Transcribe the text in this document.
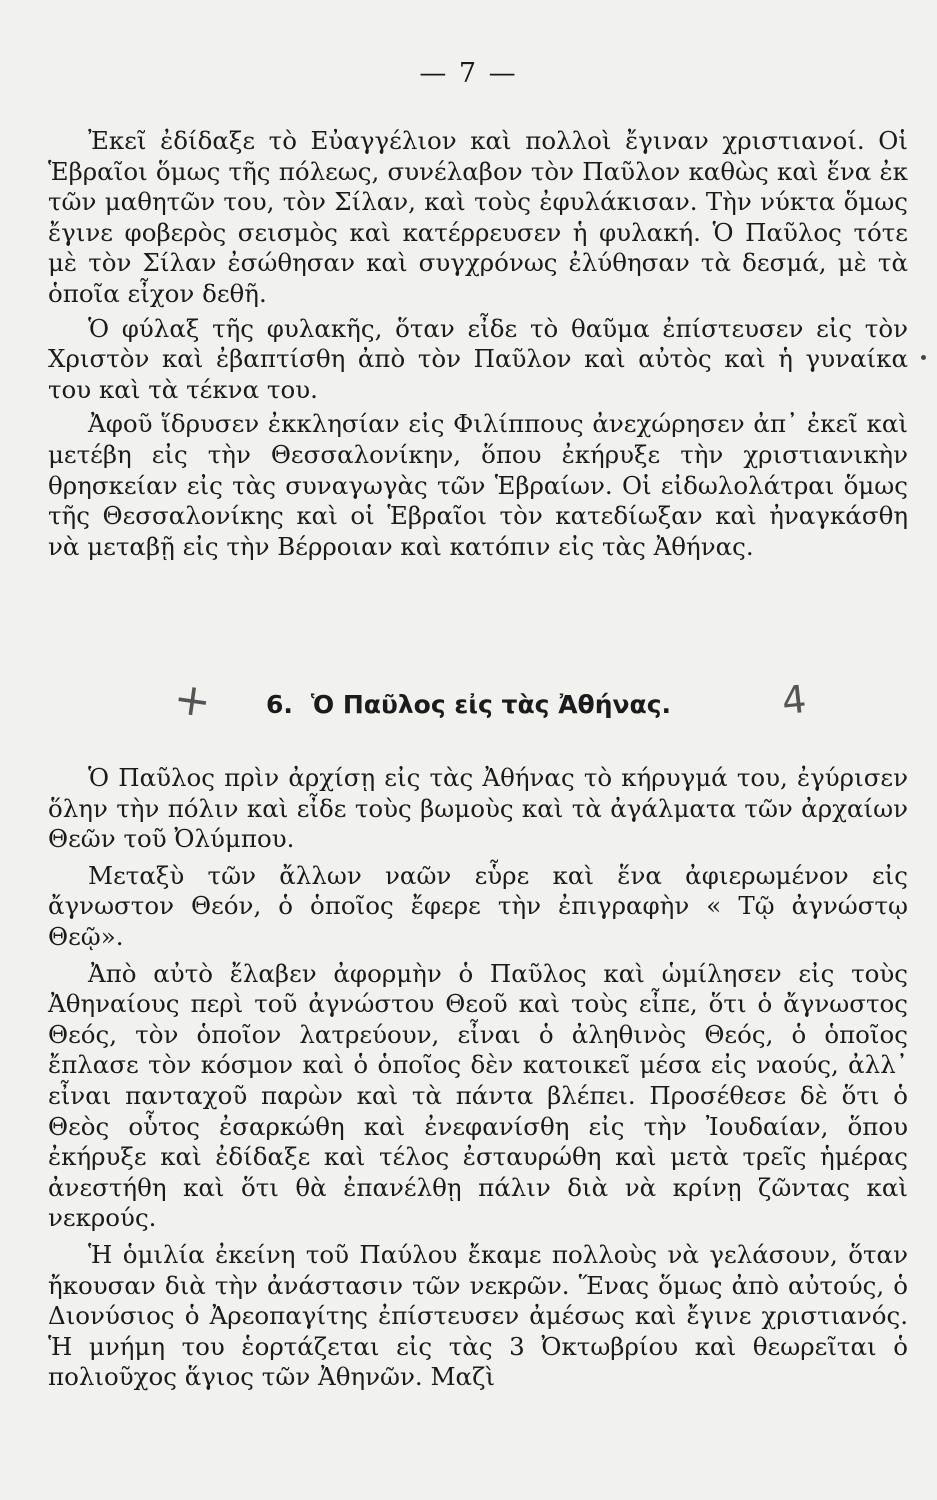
— 7 —

Ἐκεῖ ἐδίδαξε τὸ Εὐαγγέλιον καὶ πολλοὶ ἔγιναν χριστιανοί. Οἱ Ἑβραῖοι ὅμως τῆς πόλεως, συνέλαβον τὸν Παῦλον καθὼς καὶ ἕνα ἐκ τῶν μαθητῶν του, τὸν Σίλαν, καὶ τοὺς ἐφυλάκισαν. Τὴν νύκτα ὅμως ἔγινε φοβερὸς σεισμὸς καὶ κατέρρευσεν ἡ φυλακή. Ὁ Παῦλος τότε μὲ τὸν Σίλαν ἐσώθησαν καὶ συγχρόνως ἐλύθησαν τὰ δεσμά, μὲ τὰ ὁποῖα εἶχον δεθῆ.

Ὁ φύλαξ τῆς φυλακῆς, ὅταν εἶδε τὸ θαῦμα ἐπίστευσεν εἰς τὸν Χριστὸν καὶ ἐβαπτίσθη ἀπὸ τὸν Παῦλον καὶ αὐτὸς καὶ ἡ γυναίκα του καὶ τὰ τέκνα του.

Ἀφοῦ ἵδρυσεν ἐκκλησίαν εἰς Φιλίππους ἀνεχώρησεν ἀπ᾽ ἐκεῖ καὶ μετέβη εἰς τὴν Θεσσαλονίκην, ὅπου ἐκήρυξε τὴν χριστιανικὴν θρησκείαν εἰς τὰς συναγωγὰς τῶν Ἑβραίων. Οἱ εἰδωλολάτραι ὅμως τῆς Θεσσαλονίκης καὶ οἱ Ἑβραῖοι τὸν κατεδίωξαν καὶ ἠναγκάσθη νὰ μεταβῇ εἰς τὴν Βέρροιαν καὶ κατόπιν εἰς τὰς Ἀθήνας.

+	6. Ὁ Παῦλος εἰς τὰς Ἀθήνας.	4

Ὁ Παῦλος πρὶν ἀρχίσῃ εἰς τὰς Ἀθήνας τὸ κήρυγμά του, ἐγύρισεν ὅλην τὴν πόλιν καὶ εἶδε τοὺς βωμοὺς καὶ τὰ ἀγάλματα τῶν ἀρχαίων Θεῶν τοῦ Ὀλύμπου.

Μεταξὺ τῶν ἄλλων ναῶν εὗρε καὶ ἕνα ἀφιερωμένον εἰς ἄγνωστον Θεόν, ὁ ὁποῖος ἔφερε τὴν ἐπιγραφὴν « Τῷ ἀγνώστῳ Θεῷ».

Ἀπὸ αὐτὸ ἔλαβεν ἀφορμὴν ὁ Παῦλος καὶ ὡμίλησεν εἰς τοὺς Ἀθηναίους περὶ τοῦ ἀγνώστου Θεοῦ καὶ τοὺς εἶπε, ὅτι ὁ ἄγνωστος Θεός, τὸν ὁποῖον λατρεύουν, εἶναι ὁ ἀληθινὸς Θεός, ὁ ὁποῖος ἔπλασε τὸν κόσμον καὶ ὁ ὁποῖος δὲν κατοικεῖ μέσα εἰς ναούς, ἀλλ᾽ εἶναι πανταχοῦ παρὼν καὶ τὰ πάντα βλέπει. Προσέθεσε δὲ ὅτι ὁ Θεὸς οὗτος ἐσαρκώθη καὶ ἐνεφανίσθη εἰς τὴν Ἰουδαίαν, ὅπου ἐκήρυξε καὶ ἐδίδαξε καὶ τέλος ἐσταυρώθη καὶ μετὰ τρεῖς ἡμέρας ἀνεστήθη καὶ ὅτι θὰ ἐπανέλθῃ πάλιν διὰ νὰ κρίνῃ ζῶντας καὶ νεκρούς.

Ἡ ὁμιλία ἐκείνη τοῦ Παύλου ἔκαμε πολλοὺς νὰ γελάσουν, ὅταν ἤκουσαν διὰ τὴν ἀνάστασιν τῶν νεκρῶν. Ἕνας ὅμως ἀπὸ αὐτούς, ὁ Διονύσιος ὁ Ἀρεοπαγίτης ἐπίστευσεν ἀμέσως καὶ ἔγινε χριστιανός. Ἡ μνήμη του ἑορτάζεται εἰς τὰς 3 Ὀκτωβρίου καὶ θεωρεῖται ὁ πολιοῦχος ἅγιος τῶν Ἀθηνῶν. Μαζὶ
